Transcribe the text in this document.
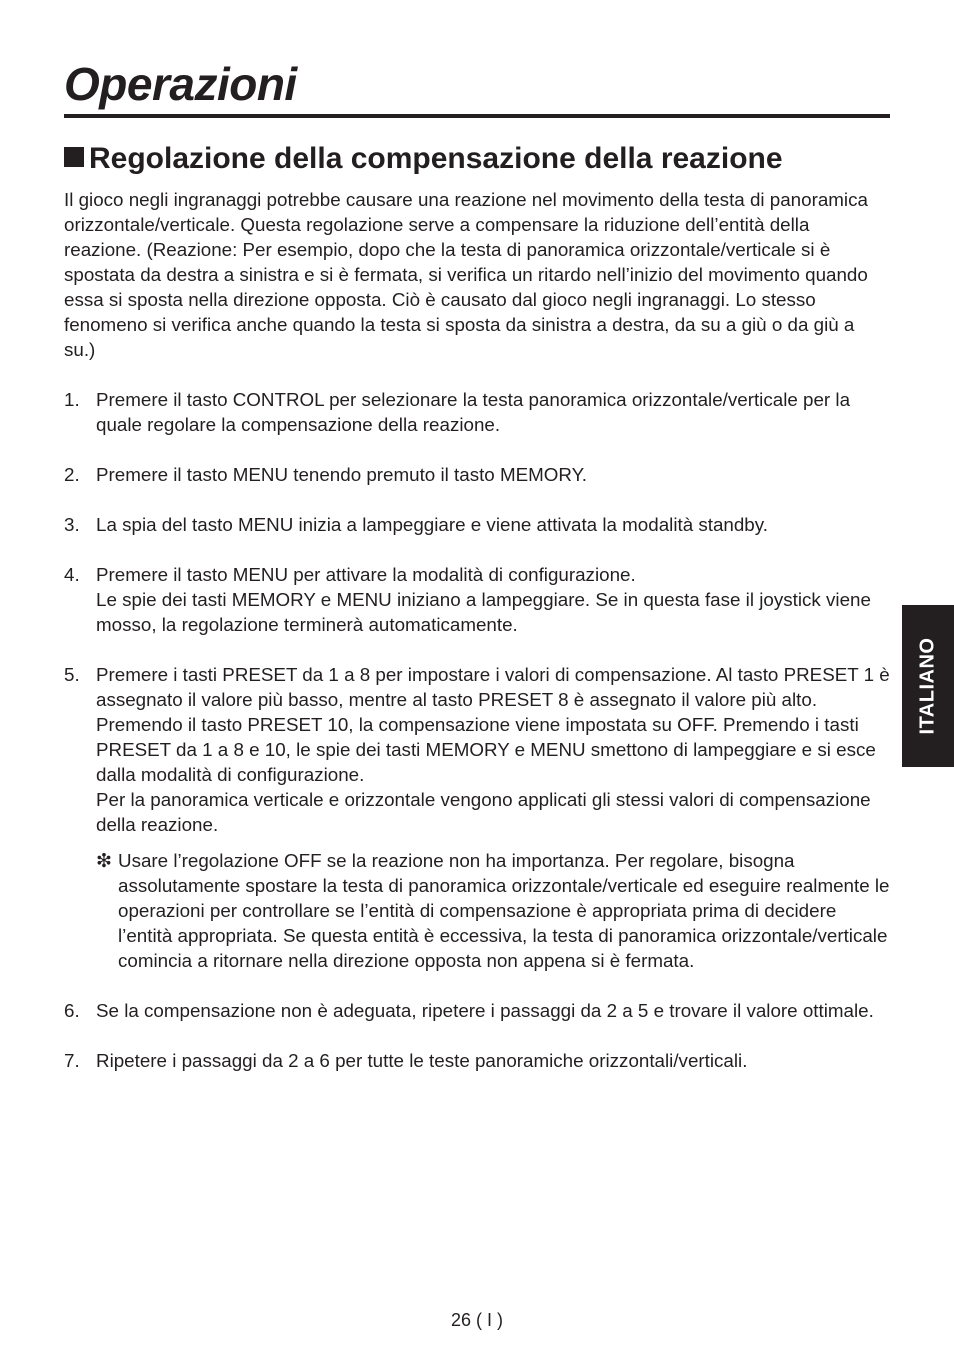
Operazioni
Regolazione della compensazione della reazione

Il gioco negli ingranaggi potrebbe causare una reazione nel movimento della testa di panoramica orizzontale/verticale. Questa regolazione serve a compensare la riduzione dell’entità della reazione. (Reazione: Per esempio, dopo che la testa di panoramica orizzontale/verticale si è spostata da destra a sinistra e si è fermata, si verifica un ritardo nell’inizio del movimento quando essa si sposta nella direzione opposta. Ciò è causato dal gioco negli ingranaggi. Lo stesso fenomeno si verifica anche quando la testa si sposta da sinistra a destra, da su a giù o da giù a su.)

1. Premere il tasto CONTROL per selezionare la testa panoramica orizzontale/verticale per la quale regolare la compensazione della reazione.

2. Premere il tasto MENU tenendo premuto il tasto MEMORY.

3. La spia del tasto MENU inizia a lampeggiare e viene attivata la modalità standby.

4. Premere il tasto MENU per attivare la modalità di configurazione.

Le spie dei tasti MEMORY e MENU iniziano a lampeggiare. Se in questa fase il joystick viene mosso, la regolazione terminerà automaticamente.

5. Premere i tasti PRESET da 1 a 8 per impostare i valori di compensazione. Al tasto PRESET 1 è assegnato il valore più basso, mentre al tasto PRESET 8 è assegnato il valore più alto. Premendo il tasto PRESET 10, la compensazione viene impostata su OFF. Premendo i tasti PRESET da 1 a 8 e 10, le spie dei tasti MEMORY e MENU smettono di lampeggiare e si esce dalla modalità di configurazione.

Per la panoramica verticale e orizzontale vengono applicati gli stessi valori di compensazione della reazione.

❇ Usare l’regolazione OFF se la reazione non ha importanza. Per regolare, bisogna assolutamente spostare la testa di panoramica orizzontale/verticale ed eseguire realmente le operazioni per controllare se l’entità di compensazione è appropriata prima di decidere l’entità appropriata. Se questa entità è eccessiva, la testa di panoramica orizzontale/verticale comincia a ritornare nella direzione opposta non appena si è fermata.
6. Se la compensazione non è adeguata, ripetere i passaggi da 2 a 5 e trovare il valore ottimale.

7. Ripetere i passaggi da 2 a 6 per tutte le teste panoramiche orizzontali/verticali.

ITALIANO
26 ( I )
